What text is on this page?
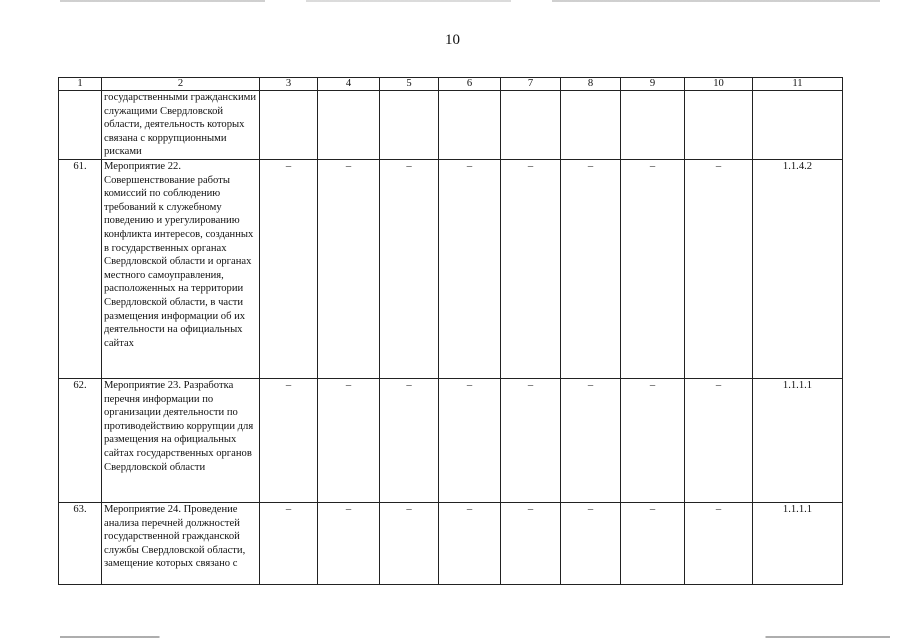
10
1	2	3	4	5	6	7	8	9	10	11
	государственными гражданскими служащими Свердловской области, деятельность которых связана с коррупционными рисками									
61.	Мероприятие 22. Совершенствование работы комиссий по соблюдению требований к служебному поведению и урегулированию конфликта интересов, созданных в государственных органах Свердловской области и органах местного самоуправления, расположенных на территории Свердловской области, в части размещения информации об их деятельности на официальных сайтах	–	–	–	–	–	–	–	–	1.1.4.2
62.	Мероприятие 23. Разработка перечня информации по организации деятельности по противодействию коррупции для размещения на официальных сайтах государственных органов Свердловской области	–	–	–	–	–	–	–	–	1.1.1.1
63.	Мероприятие 24. Проведение анализа перечней должностей государственной гражданской службы Свердловской области, замещение которых связано с	–	–	–	–	–	–	–	–	1.1.1.1
